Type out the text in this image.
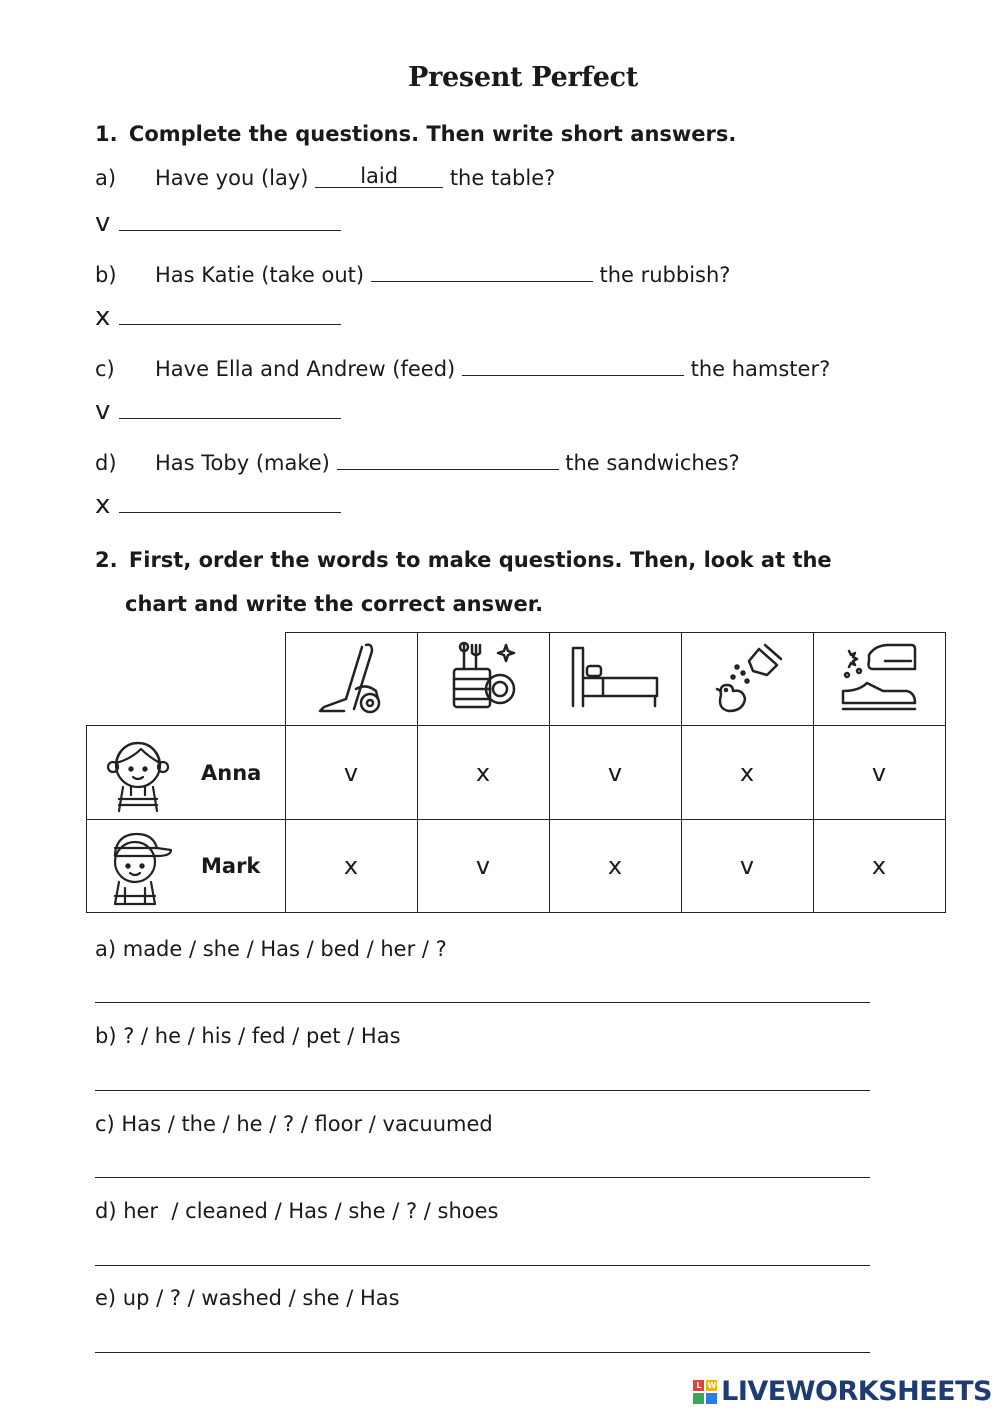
Present Perfect
1. Complete the questions. Then write short answers.
a) Have you (lay) laid the table?
v
b) Has Katie (take out)	the rubbish?
x
c) Have Ella and Andrew (feed)	the hamster?
v
d) Has Toby (make)	the sandwiches?
x
2. First, order the words to make questions. Then, look at the
chart and write the correct answer.

Anna	v	x	v	x	v

Mark	x	v	x	v	x
a) made / she / Has / bed / her / ?
b) ? / he / his / fed / pet / Has
c) Has / the / he / ? / floor / vacuumed
d) her  / cleaned / Has / she / ? / shoes
e) up / ? / washed / she / Has
L W LIVEWORKSHEETS
